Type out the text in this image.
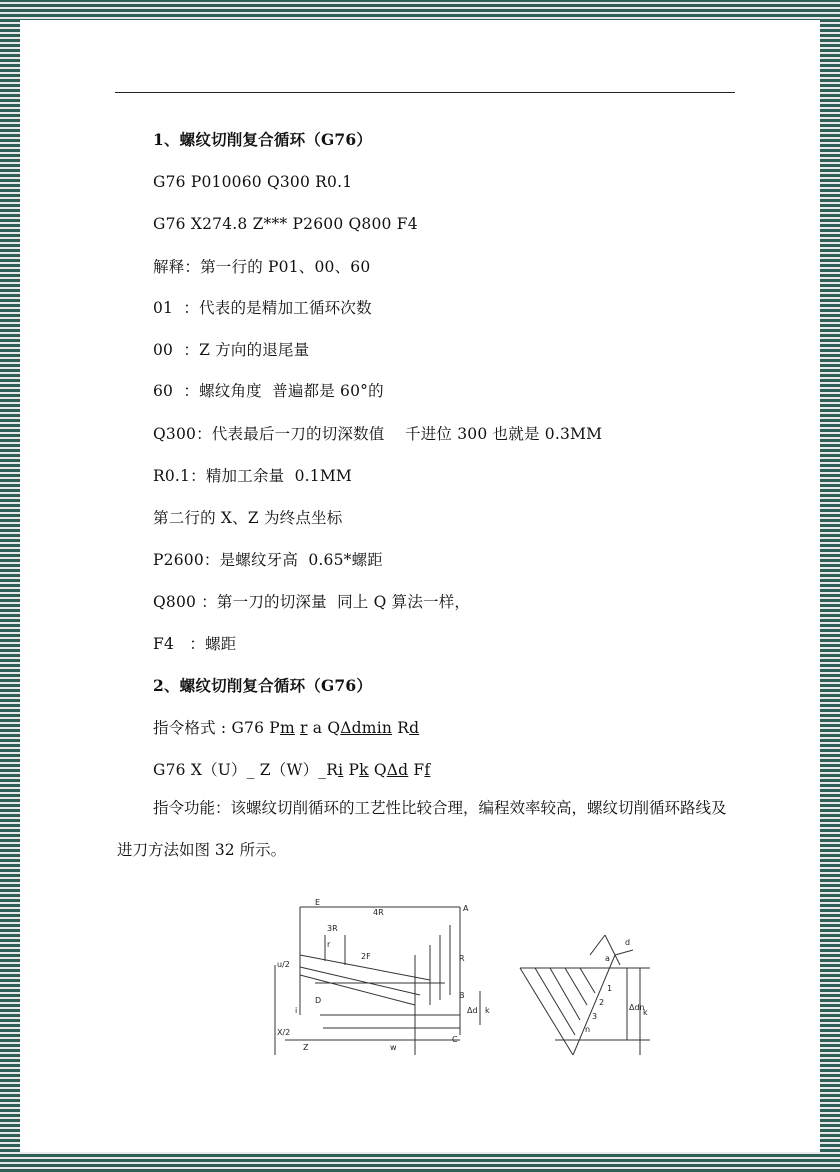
1、螺纹切削复合循环（G76）
G76 P010060 Q300 R0.1
G76 X274.8 Z*** P2600 Q800 F4
解释：第一行的 P01、00、60
01  ：代表的是精加工循环次数
00  ：Z 方向的退尾量
60  ：螺纹角度  普遍都是 60°的
Q300：代表最后一刀的切深数值    千进位 300 也就是 0.3MM
R0.1：精加工余量  0.1MM
第二行的 X、Z 为终点坐标
P2600：是螺纹牙高  0.65*螺距
Q800 ：第一刀的切深量  同上 Q 算法一样，
F4   ：螺距
2、螺纹切削复合循环（G76）
指令格式 : G76 Pm r a QΔdmin Rd
G76 X（U）_ Z（W）_Ri Pk QΔd Ff
指令功能：该螺纹切削循环的工艺性比较合理，编程效率较高，螺纹切削循环路线及进刀方法如图 32 所示。
E
A
B
C
D
4R
3R
r
2F	R
u/2
X/2
i
Z	w
Δd k
a
d
Δdn
k
1
2
3
n
